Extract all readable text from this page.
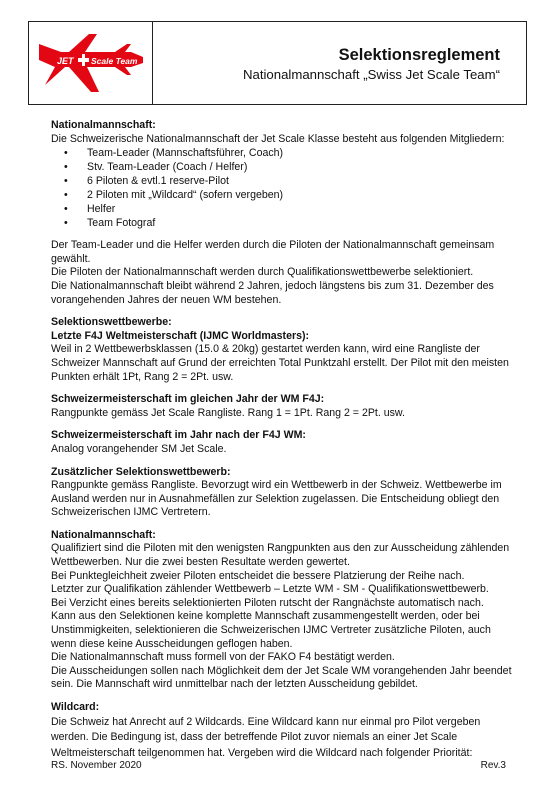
JET Scale Team	Selektionsreglement
Nationalmannschaft „Swiss Jet Scale Team“
Nationalmannschaft:

Die Schweizerische Nationalmannschaft der Jet Scale Klasse besteht aus folgenden Mitgliedern:

• Team-Leader (Mannschaftsführer, Coach)
• Stv. Team-Leader (Coach / Helfer)
• 6 Piloten & evtl.1 reserve-Pilot
• 2 Piloten mit „Wildcard“ (sofern vergeben)
• Helfer
• Team Fotograf

Der Team-Leader und die Helfer werden durch die Piloten der Nationalmannschaft gemeinsam gewählt.

Die Piloten der Nationalmannschaft werden durch Qualifikationswettbewerbe selektioniert.

Die Nationalmannschaft bleibt während 2 Jahren, jedoch längstens bis zum 31. Dezember des vorangehenden Jahres der neuen WM bestehen.

Selektionswettbewerbe:
Letzte F4J Weltmeisterschaft (IJMC Worldmasters):

Weil in 2 Wettbewerbsklassen (15.0 & 20kg) gestartet werden kann, wird eine Rangliste der Schweizer Mannschaft auf Grund der erreichten Total Punktzahl erstellt. Der Pilot mit den meisten Punkten erhält 1Pt, Rang 2 = 2Pt. usw.

Schweizermeisterschaft im gleichen Jahr der WM F4J:

Rangpunkte gemäss Jet Scale Rangliste. Rang 1 = 1Pt. Rang 2 = 2Pt. usw.

Schweizermeisterschaft im Jahr nach der F4J WM:

Analog vorangehender SM Jet Scale.

Zusätzlicher Selektionswettbewerb:

Rangpunkte gemäss Rangliste. Bevorzugt wird ein Wettbewerb in der Schweiz. Wettbewerbe im Ausland werden nur in Ausnahmefällen zur Selektion zugelassen. Die Entscheidung obliegt den Schweizerischen IJMC Vertretern.

Nationalmannschaft:

Qualifiziert sind die Piloten mit den wenigsten Rangpunkten aus den zur Ausscheidung zählenden Wettbewerben. Nur die zwei besten Resultate werden gewertet.

Bei Punktegleichheit zweier Piloten entscheidet die bessere Platzierung der Reihe nach.

Letzter zur Qualifikation zählender Wettbewerb – Letzte WM - SM - Qualifikationswettbewerb.

Bei Verzicht eines bereits selektionierten Piloten rutscht der Rangnächste automatisch nach.

Kann aus den Selektionen keine komplette Mannschaft zusammengestellt werden, oder bei Unstimmigkeiten, selektionieren die Schweizerischen IJMC Vertreter zusätzliche Piloten, auch wenn diese keine Ausscheidungen geflogen haben.

Die Nationalmannschaft muss formell von der FAKO F4 bestätigt werden.

Die Ausscheidungen sollen nach Möglichkeit dem der Jet Scale WM vorangehenden Jahr beendet sein. Die Mannschaft wird unmittelbar nach der letzten Ausscheidung gebildet.

Wildcard:

Die Schweiz hat Anrecht auf 2 Wildcards. Eine Wildcard kann nur einmal pro Pilot vergeben werden. Die Bedingung ist, dass der betreffende Pilot zuvor niemals an einer Jet Scale Weltmeisterschaft teilgenommen hat. Vergeben wird die Wildcard nach folgender Priorität:

RS. November 2020	Rev.3
